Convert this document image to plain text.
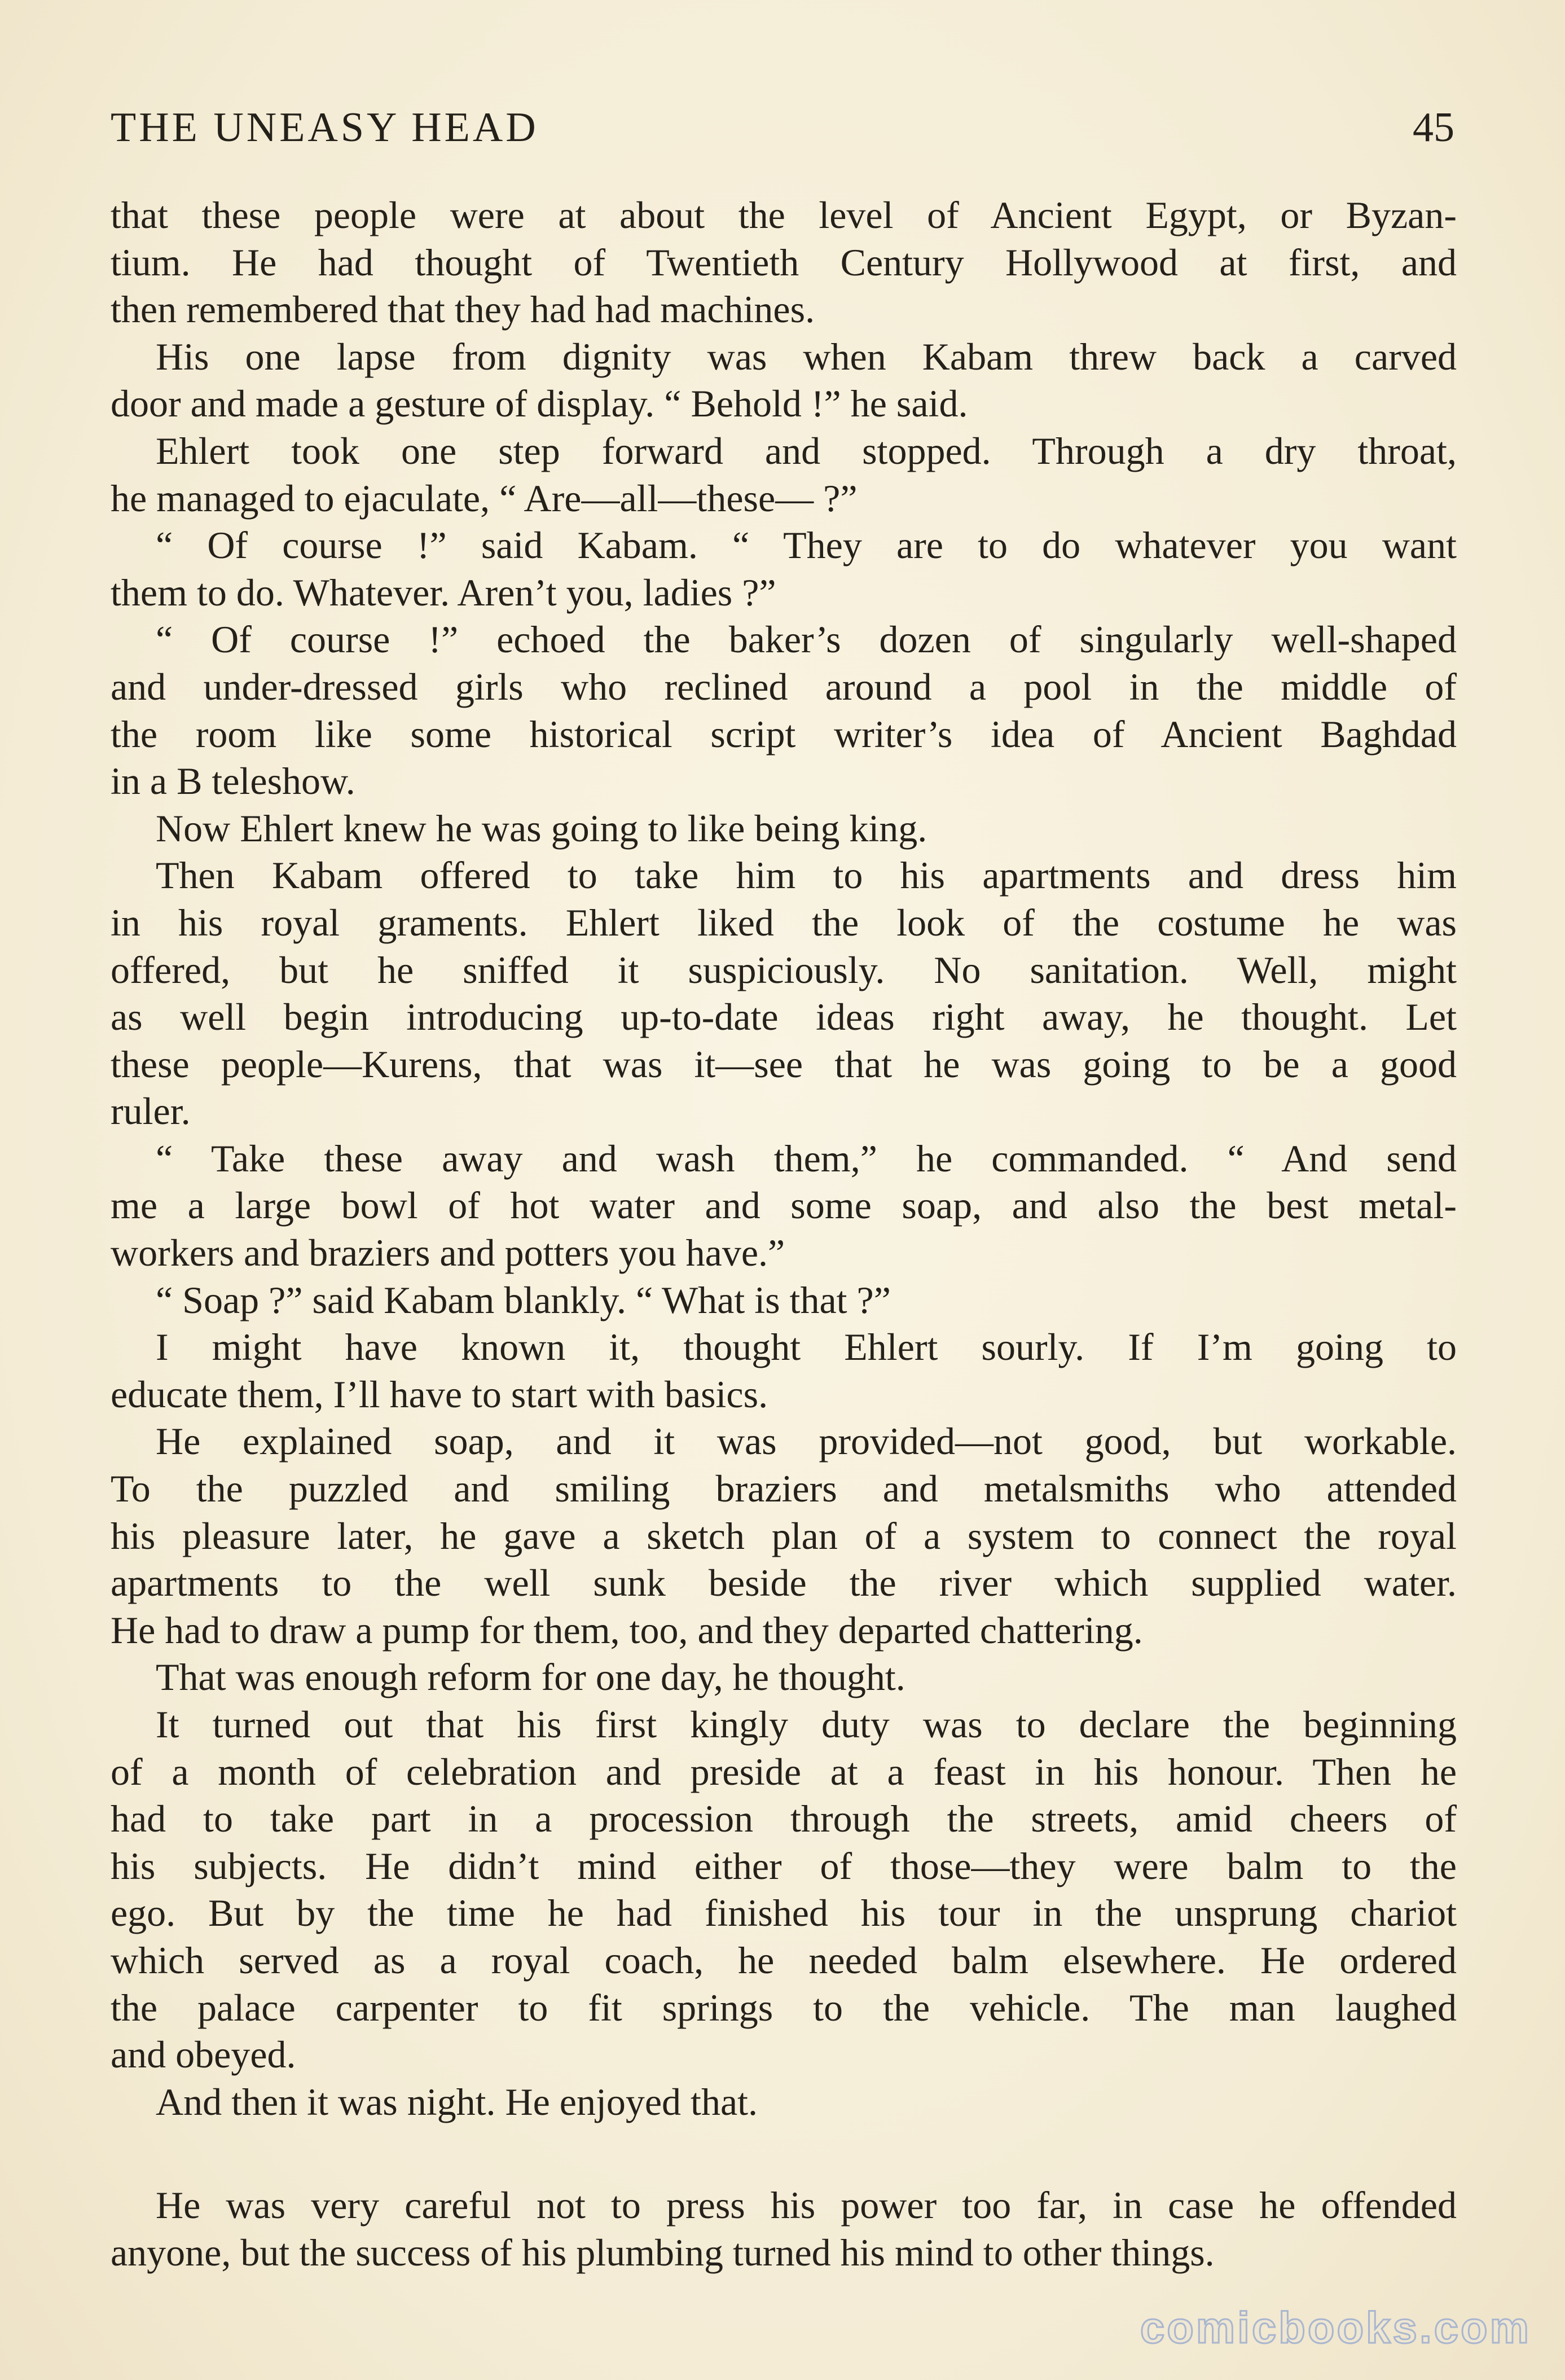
THE UNEASY HEAD	45
that these people were at about the level of Ancient Egypt, or Byzan-
tium. He had thought of Twentieth Century Hollywood at first, and
then remembered that they had had machines.
His one lapse from dignity was when Kabam threw back a carved
door and made a gesture of display. “ Behold !” he said.
Ehlert took one step forward and stopped. Through a dry throat,
he managed to ejaculate, “ Are—all—these— ?”
“ Of course !” said Kabam. “ They are to do whatever you want
them to do. Whatever. Aren’t you, ladies ?”
“ Of course !” echoed the baker’s dozen of singularly well-shaped
and under-dressed girls who reclined around a pool in the middle of
the room like some historical script writer’s idea of Ancient Baghdad
in a B teleshow.
Now Ehlert knew he was going to like being king.
Then Kabam offered to take him to his apartments and dress him
in his royal graments. Ehlert liked the look of the costume he was
offered, but he sniffed it suspiciously. No sanitation. Well, might
as well begin introducing up-to-date ideas right away, he thought. Let
these people—Kurens, that was it—see that he was going to be a good
ruler.
“ Take these away and wash them,” he commanded. “ And send
me a large bowl of hot water and some soap, and also the best metal-
workers and braziers and potters you have.”
“ Soap ?” said Kabam blankly. “ What is that ?”
I might have known it, thought Ehlert sourly. If I’m going to
educate them, I’ll have to start with basics.
He explained soap, and it was provided—not good, but workable.
To the puzzled and smiling braziers and metalsmiths who attended
his pleasure later, he gave a sketch plan of a system to connect the royal
apartments to the well sunk beside the river which supplied water.
He had to draw a pump for them, too, and they departed chattering.
That was enough reform for one day, he thought.
It turned out that his first kingly duty was to declare the beginning
of a month of celebration and preside at a feast in his honour. Then he
had to take part in a procession through the streets, amid cheers of
his subjects. He didn’t mind either of those—they were balm to the
ego. But by the time he had finished his tour in the unsprung chariot
which served as a royal coach, he needed balm elsewhere. He ordered
the palace carpenter to fit springs to the vehicle. The man laughed
and obeyed.
And then it was night. He enjoyed that.
He was very careful not to press his power too far, in case he offended
anyone, but the success of his plumbing turned his mind to other things.
comicbooks.com
